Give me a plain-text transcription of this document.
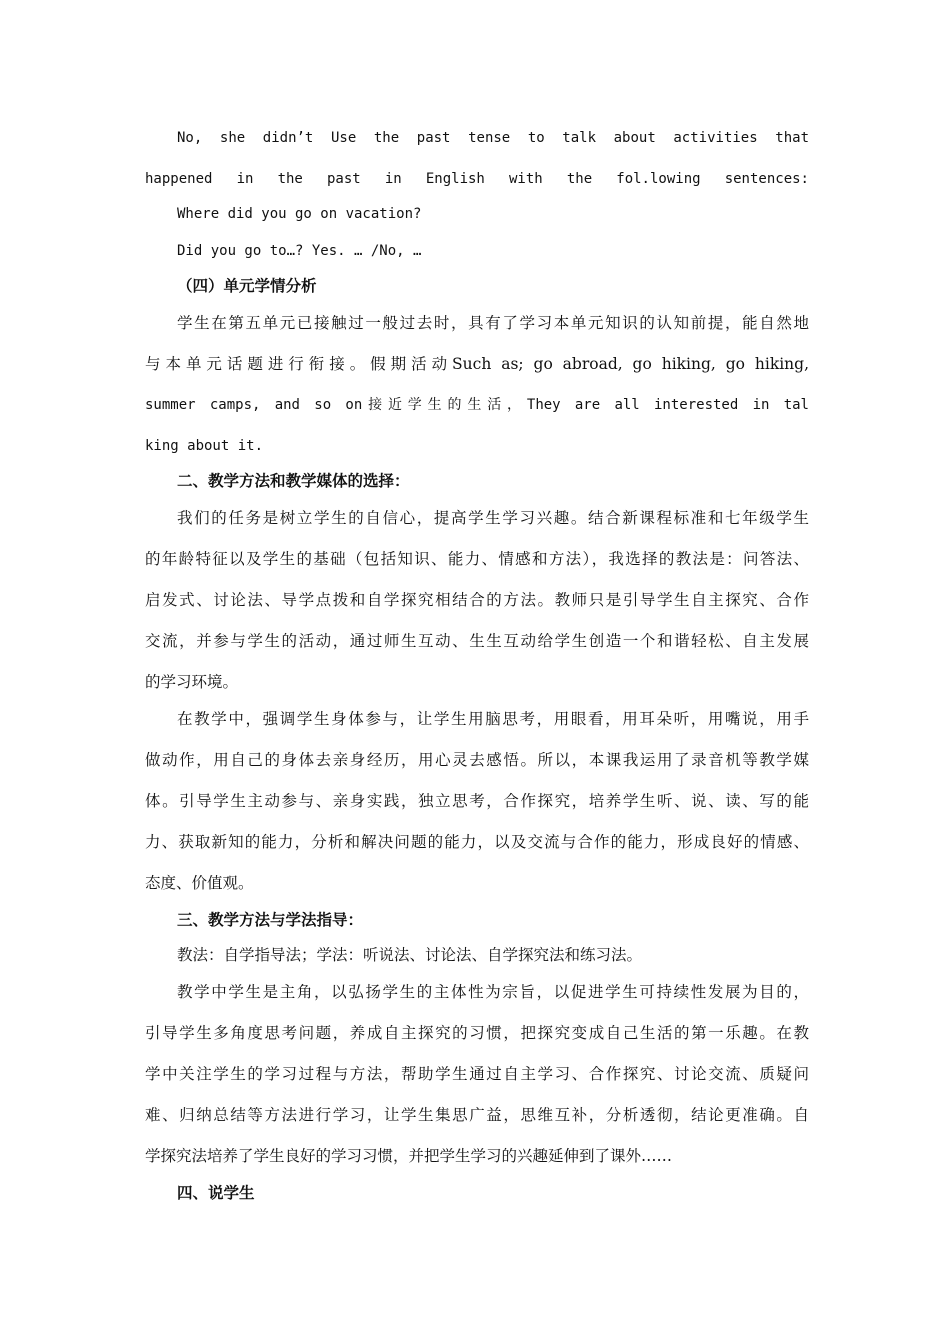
No, she didn’t Use the past tense to talk about activities that
happened in the past in English with the fol.lowing sentences:
Where did you go on vacation?
Did you go to…? Yes. … /No, …
（四）单元学情分析
学生在第五单元已接触过一般过去时，具有了学习本单元知识的认知前提，能自然地
与本单元话题进行衔接。假期活动Such as; go abroad, go hiking, go hiking,
summer camps, and so on接近学生的生活，They are all interested in tal
king about it.
二、教学方法和教学媒体的选择：
我们的任务是树立学生的自信心，提高学生学习兴趣。结合新课程标准和七年级学生
的年龄特征以及学生的基础（包括知识、能力、情感和方法），我选择的教法是：问答法、
启发式、讨论法、导学点拨和自学探究相结合的方法。教师只是引导学生自主探究、合作
交流，并参与学生的活动，通过师生互动、生生互动给学生创造一个和谐轻松、自主发展
的学习环境。
在教学中，强调学生身体参与，让学生用脑思考，用眼看，用耳朵听，用嘴说，用手
做动作，用自己的身体去亲身经历，用心灵去感悟。所以，本课我运用了录音机等教学媒
体。引导学生主动参与、亲身实践，独立思考，合作探究，培养学生听、说、读、写的能
力、获取新知的能力，分析和解决问题的能力，以及交流与合作的能力，形成良好的情感、
态度、价值观。
三、教学方法与学法指导：
教法：自学指导法；学法：听说法、讨论法、自学探究法和练习法。
教学中学生是主角，以弘扬学生的主体性为宗旨，以促进学生可持续性发展为目的，
引导学生多角度思考问题，养成自主探究的习惯，把探究变成自己生活的第一乐趣。在教
学中关注学生的学习过程与方法，帮助学生通过自主学习、合作探究、讨论交流、质疑问
难、归纳总结等方法进行学习，让学生集思广益，思维互补，分析透彻，结论更准确。自
学探究法培养了学生良好的学习习惯，并把学生学习的兴趣延伸到了课外……
四、说学生
